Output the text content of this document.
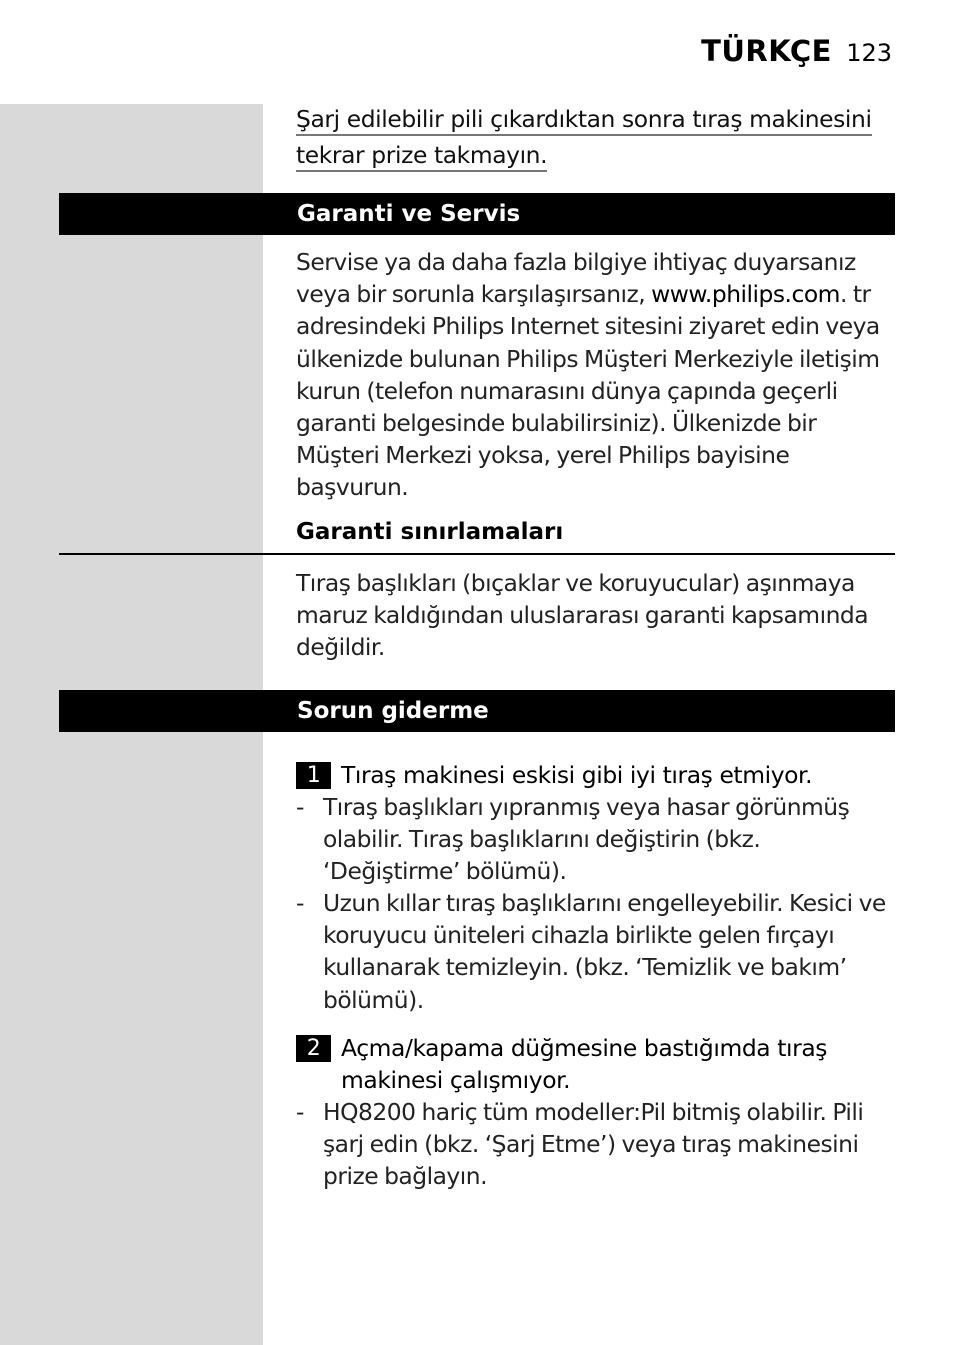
TÜRKÇE 123
Şarj edilebilir pili çıkardıktan sonra tıraş makinesini
tekrar prize takmayın.
Garanti ve Servis
Servise ya da daha fazla bilgiye ihtiyaç duyarsanız veya bir sorunla karşılaşırsanız, www.philips.com. tr adresindeki Philips Internet sitesini ziyaret edin veya ülkenizde bulunan Philips Müşteri Merkeziyle iletişim kurun (telefon numarasını dünya çapında geçerli garanti belgesinde bulabilirsiniz). Ülkenizde bir Müşteri Merkezi yoksa, yerel Philips bayisine başvurun.
Garanti sınırlamaları
Tıraş başlıkları (bıçaklar ve koruyucular) aşınmaya maruz kaldığından uluslararası garanti kapsamında değildir.
Sorun giderme
1 Tıraş makinesi eskisi gibi iyi tıraş etmiyor.
- Tıraş başlıkları yıpranmış veya hasar görünmüş olabilir. Tıraş başlıklarını değiştirin (bkz. ‘Değiştirme’ bölümü).
- Uzun kıllar tıraş başlıklarını engelleyebilir. Kesici ve koruyucu üniteleri cihazla birlikte gelen fırçayı kullanarak temizleyin. (bkz. ‘Temizlik ve bakım’ bölümü).
2 Açma/kapama düğmesine bastığımda tıraş makinesi çalışmıyor.
- HQ8200 hariç tüm modeller:Pil bitmiş olabilir. Pili şarj edin (bkz. ‘Şarj Etme’) veya tıraş makinesini prize bağlayın.
